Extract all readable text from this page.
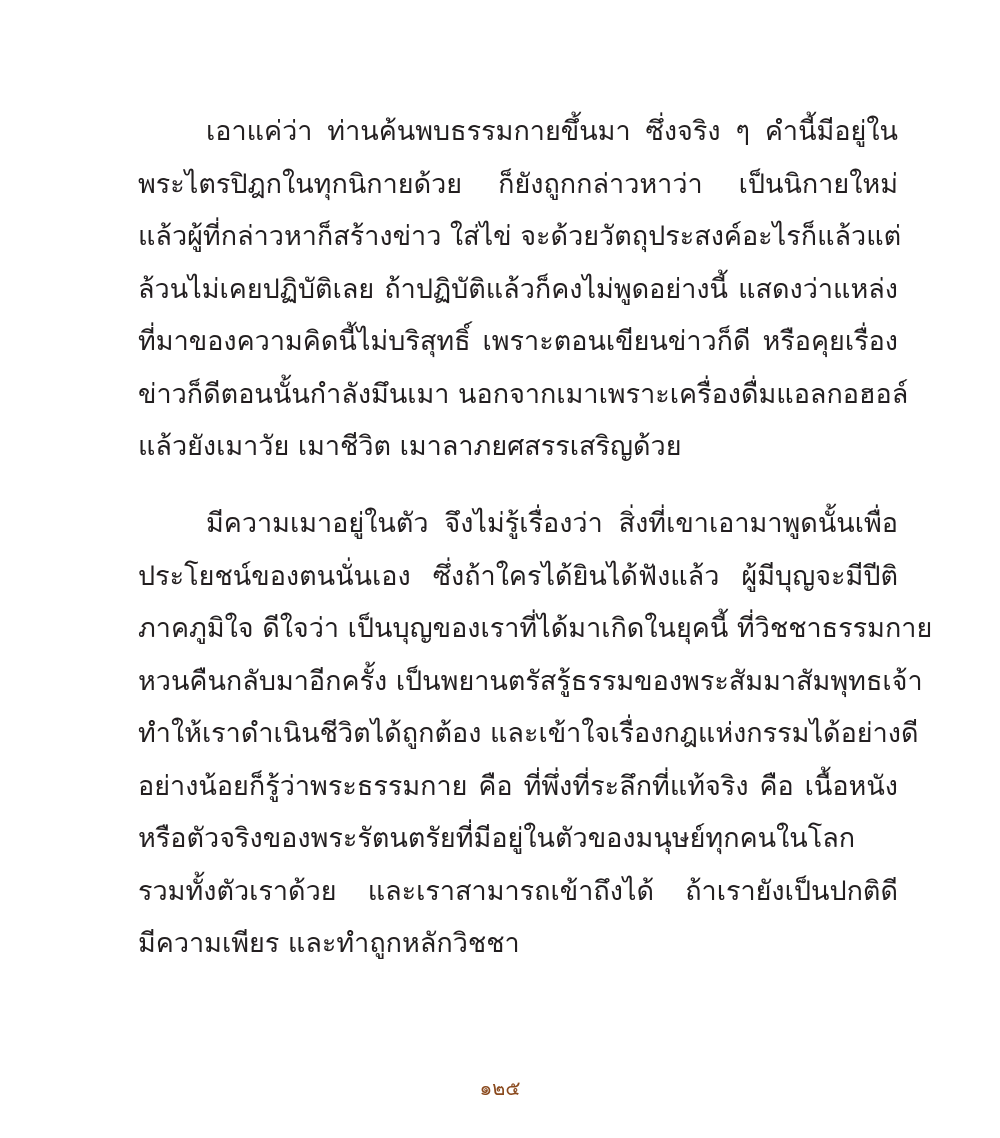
เอาแค่ว่า ท่านค้นพบธรรมกายขึ้นมา ซึ่งจริง ๆ คำนี้มีอยู่ใน
พระไตรปิฎกในทุกนิกายด้วย ก็ยังถูกกล่าวหาว่า เป็นนิกายใหม่
แล้วผู้ที่กล่าวหาก็สร้างข่าว ใส่ไข่ จะด้วยวัตถุประสงค์อะไรก็แล้วแต่
ล้วนไม่เคยปฏิบัติเลย ถ้าปฏิบัติแล้วก็คงไม่พูดอย่างนี้ แสดงว่าแหล่ง
ที่มาของความคิดนี้ไม่บริสุทธิ์ เพราะตอนเขียนข่าวก็ดี หรือคุยเรื่อง
ข่าวก็ดีตอนนั้นกำลังมึนเมา นอกจากเมาเพราะเครื่องดื่มแอลกอฮอล์
แล้วยังเมาวัย เมาชีวิต เมาลาภยศสรรเสริญด้วย
มีความเมาอยู่ในตัว จึงไม่รู้เรื่องว่า สิ่งที่เขาเอามาพูดนั้นเพื่อ
ประโยชน์ของตนนั่นเอง ซึ่งถ้าใครได้ยินได้ฟังแล้ว ผู้มีบุญจะมีปีติ
ภาคภูมิใจ ดีใจว่า เป็นบุญของเราที่ได้มาเกิดในยุคนี้ ที่วิชชาธรรมกาย
หวนคืนกลับมาอีกครั้ง เป็นพยานตรัสรู้ธรรมของพระสัมมาสัมพุทธเจ้า
ทำให้เราดำเนินชีวิตได้ถูกต้อง และเข้าใจเรื่องกฎแห่งกรรมได้อย่างดี
อย่างน้อยก็รู้ว่าพระธรรมกาย คือ ที่พึ่งที่ระลึกที่แท้จริง คือ เนื้อหนัง
หรือตัวจริงของพระรัตนตรัยที่มีอยู่ในตัวของมนุษย์ทุกคนในโลก
รวมทั้งตัวเราด้วย และเราสามารถเข้าถึงได้ ถ้าเรายังเป็นปกติดี
มีความเพียร และทำถูกหลักวิชชา
๑๒๕
